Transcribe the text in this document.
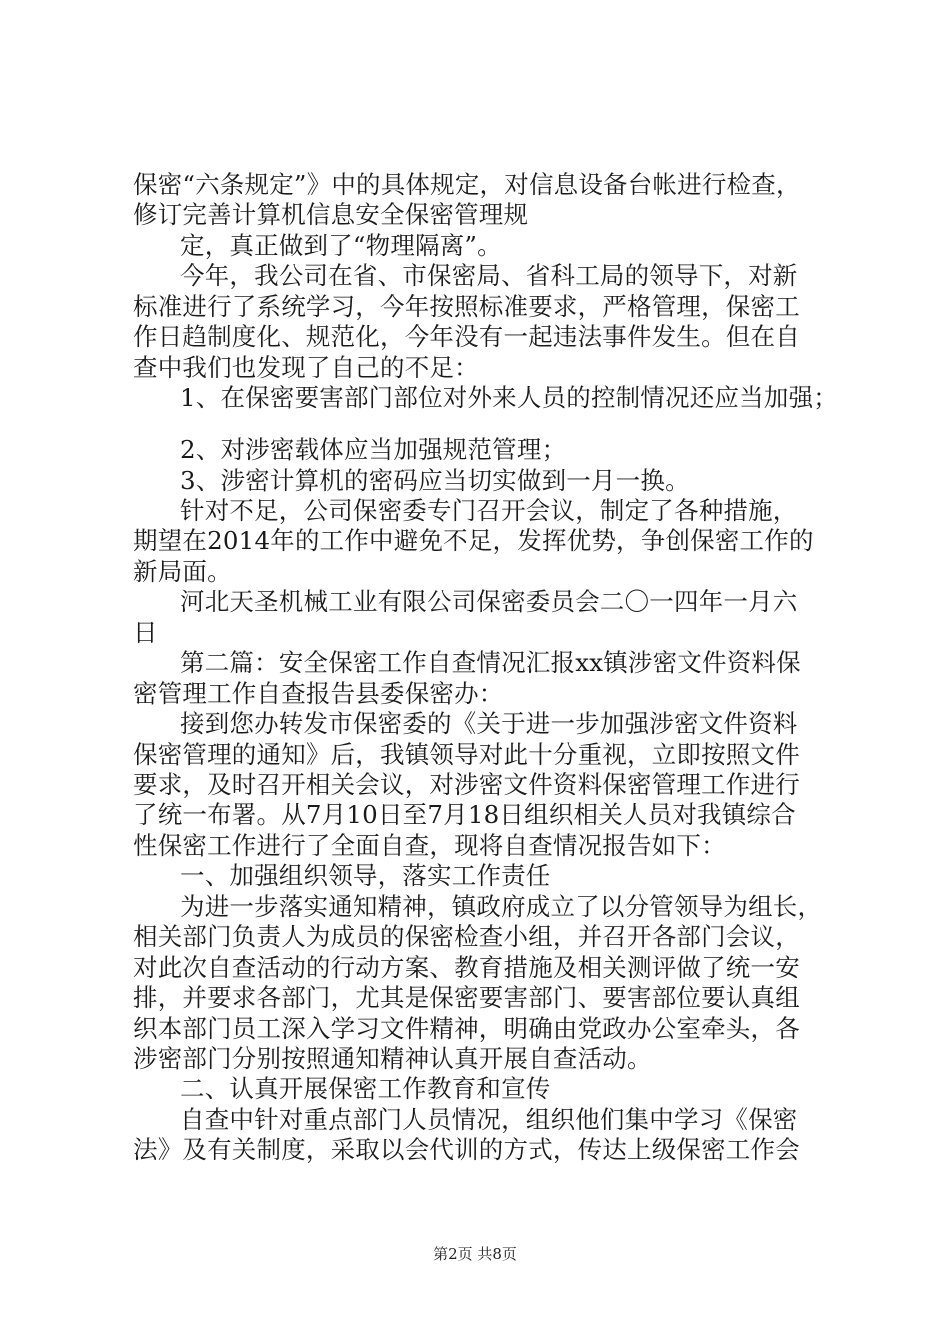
保密“六条规定”》中的具体规定，对信息设备台帐进行检查，
修订完善计算机信息安全保密管理规
定，真正做到了“物理隔离”。
今年，我公司在省、市保密局、省科工局的领导下，对新
标准进行了系统学习，今年按照标准要求，严格管理，保密工
作日趋制度化、规范化，今年没有一起违法事件发生。但在自
查中我们也发现了自己的不足：
1、在保密要害部门部位对外来人员的控制情况还应当加强；
2、对涉密载体应当加强规范管理；
3、涉密计算机的密码应当切实做到一月一换。
针对不足，公司保密委专门召开会议，制定了各种措施，
期望在2014年的工作中避免不足，发挥优势，争创保密工作的
新局面。
河北天圣机械工业有限公司保密委员会二〇一四年一月六
日
第二篇：安全保密工作自查情况汇报xx镇涉密文件资料保
密管理工作自查报告县委保密办：
接到您办转发市保密委的《关于进一步加强涉密文件资料
保密管理的通知》后，我镇领导对此十分重视，立即按照文件
要求，及时召开相关会议，对涉密文件资料保密管理工作进行
了统一布署。从7月10日至7月18日组织相关人员对我镇综合
性保密工作进行了全面自查，现将自查情况报告如下：
一、加强组织领导，落实工作责任
为进一步落实通知精神，镇政府成立了以分管领导为组长，
相关部门负责人为成员的保密检查小组，并召开各部门会议，
对此次自查活动的行动方案、教育措施及相关测评做了统一安
排，并要求各部门，尤其是保密要害部门、要害部位要认真组
织本部门员工深入学习文件精神，明确由党政办公室牵头，各
涉密部门分别按照通知精神认真开展自查活动。
二、认真开展保密工作教育和宣传
自查中针对重点部门人员情况，组织他们集中学习《保密
法》及有关制度，采取以会代训的方式，传达上级保密工作会
第2页 共8页
